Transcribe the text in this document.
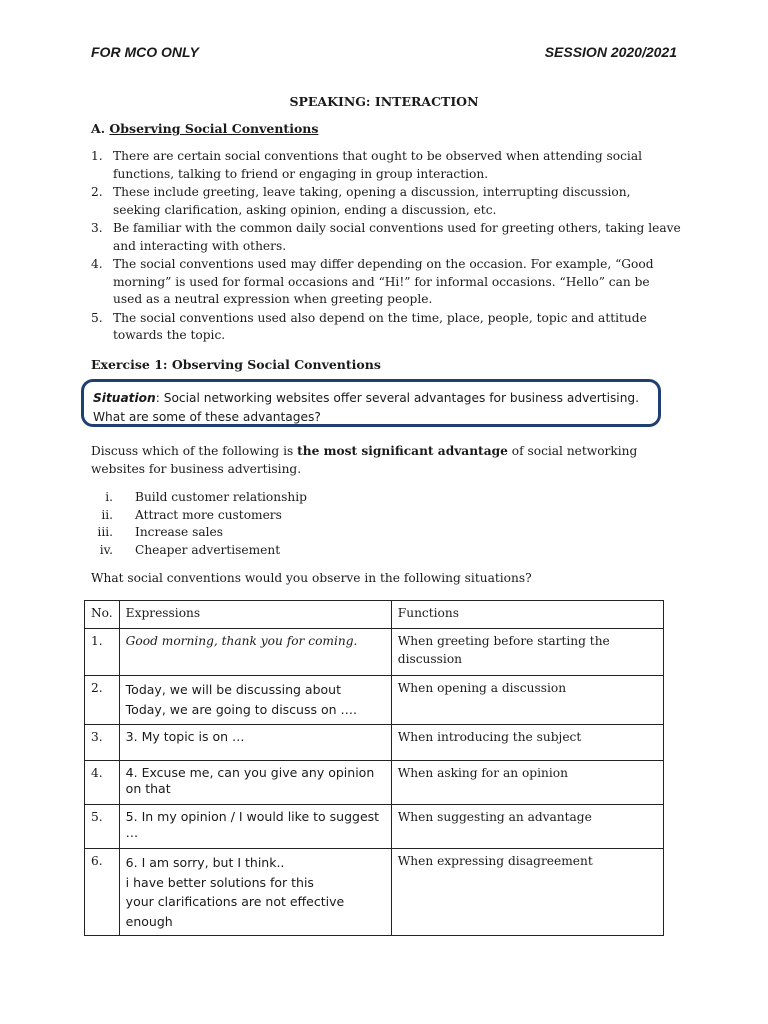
FOR MCO ONLY	SESSION 2020/2021
SPEAKING: INTERACTION
A. Observing Social Conventions
1. There are certain social conventions that ought to be observed when attending social functions, talking to friend or engaging in group interaction.
2. These include greeting, leave taking, opening a discussion, interrupting discussion, seeking clarification, asking opinion, ending a discussion, etc.
3. Be familiar with the common daily social conventions used for greeting others, taking leave and interacting with others.
4. The social conventions used may differ depending on the occasion. For example, “Good morning” is used for formal occasions and “Hi!” for informal occasions. “Hello” can be used as a neutral expression when greeting people.
5. The social conventions used also depend on the time, place, people, topic and attitude towards the topic.
Exercise 1: Observing Social Conventions
Situation: Social networking websites offer several advantages for business advertising. What are some of these advantages?
Discuss which of the following is the most significant advantage of social networking websites for business advertising.
i. Build customer relationship
ii. Attract more customers
iii. Increase sales
iv. Cheaper advertisement
What social conventions would you observe in the following situations?
No.	Expressions	Functions
1.	Good morning, thank you for coming.	When greeting before starting the discussion
2.	Today, we will be discussing about
Today, we are going to discuss on ….	When opening a discussion
3.	3. My topic is on …	When introducing the subject
4.	4. Excuse me, can you give any opinion on that	When asking for an opinion
5.	5. In my opinion / I would like to suggest …	When suggesting an advantage
6.	6. I am sorry, but I think..
i have better solutions for this
your clarifications are not effective enough	When expressing disagreement
